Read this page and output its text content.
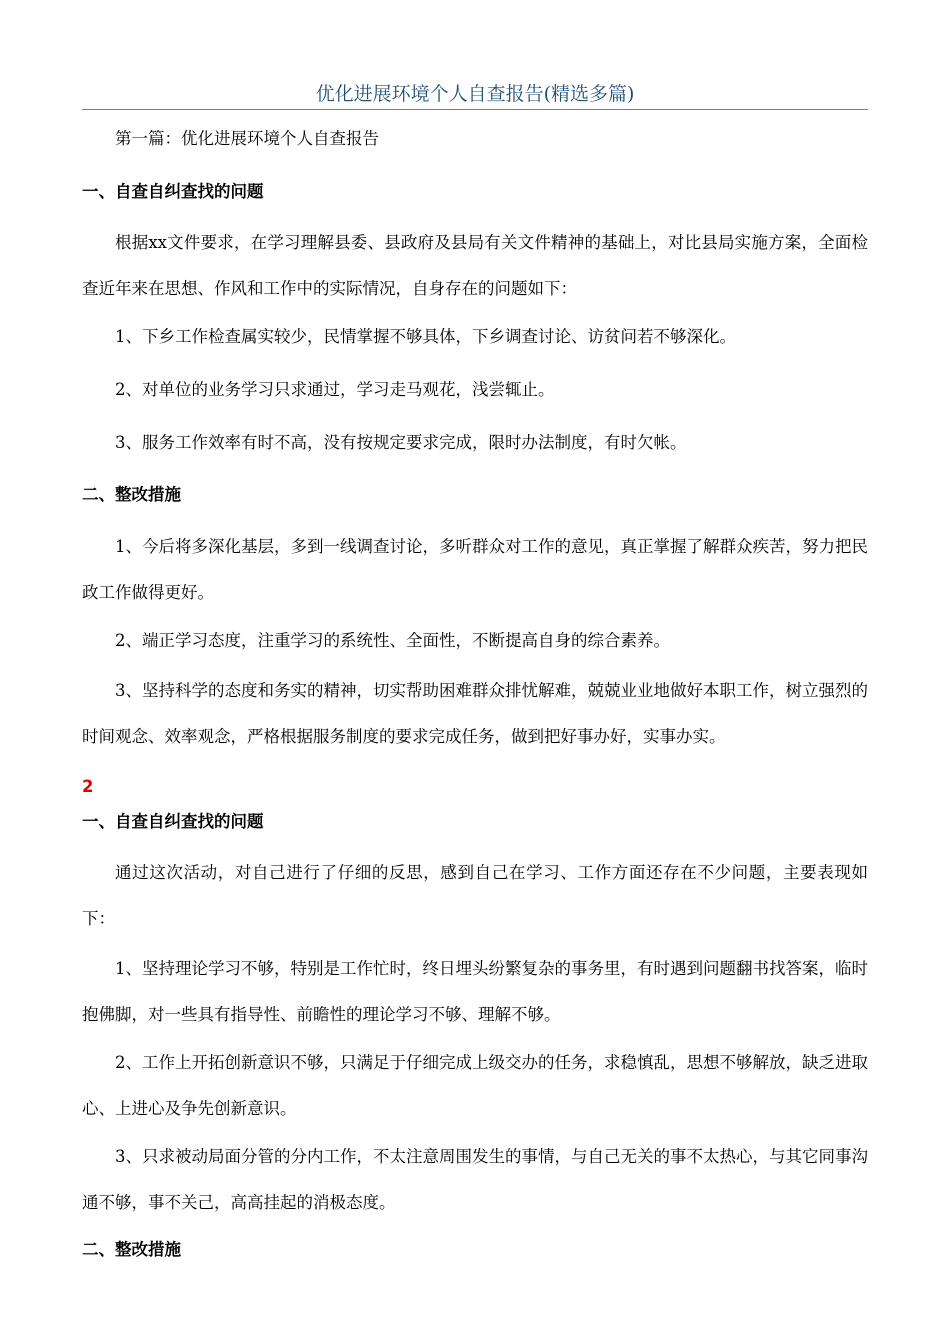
优化进展环境个人自查报告(精选多篇)
第一篇：优化进展环境个人自查报告
一、自查自纠查找的问题
根据xx文件要求，在学习理解县委、县政府及县局有关文件精神的基础上，对比县局实施方案，全面检查近年来在思想、作风和工作中的实际情况，自身存在的问题如下：
1、下乡工作检查属实较少，民情掌握不够具体，下乡调查讨论、访贫问若不够深化。
2、对单位的业务学习只求通过，学习走马观花，浅尝辄止。
3、服务工作效率有时不高，没有按规定要求完成，限时办法制度，有时欠帐。
二、整改措施
1、今后将多深化基层，多到一线调查讨论，多听群众对工作的意见，真正掌握了解群众疾苦，努力把民政工作做得更好。
2、端正学习态度，注重学习的系统性、全面性，不断提高自身的综合素养。
3、坚持科学的态度和务实的精神，切实帮助困难群众排忧解难，兢兢业业地做好本职工作，树立强烈的时间观念、效率观念，严格根据服务制度的要求完成任务，做到把好事办好，实事办实。
2
一、自查自纠查找的问题
通过这次活动，对自己进行了仔细的反思，感到自己在学习、工作方面还存在不少问题，主要表现如下：
1、坚持理论学习不够，特别是工作忙时，终日埋头纷繁复杂的事务里，有时遇到问题翻书找答案，临时抱佛脚，对一些具有指导性、前瞻性的理论学习不够、理解不够。
2、工作上开拓创新意识不够，只满足于仔细完成上级交办的任务，求稳慎乱，思想不够解放，缺乏进取心、上进心及争先创新意识。
3、只求被动局面分管的分内工作，不太注意周围发生的事情，与自己无关的事不太热心，与其它同事沟通不够，事不关己，高高挂起的消极态度。
二、整改措施
